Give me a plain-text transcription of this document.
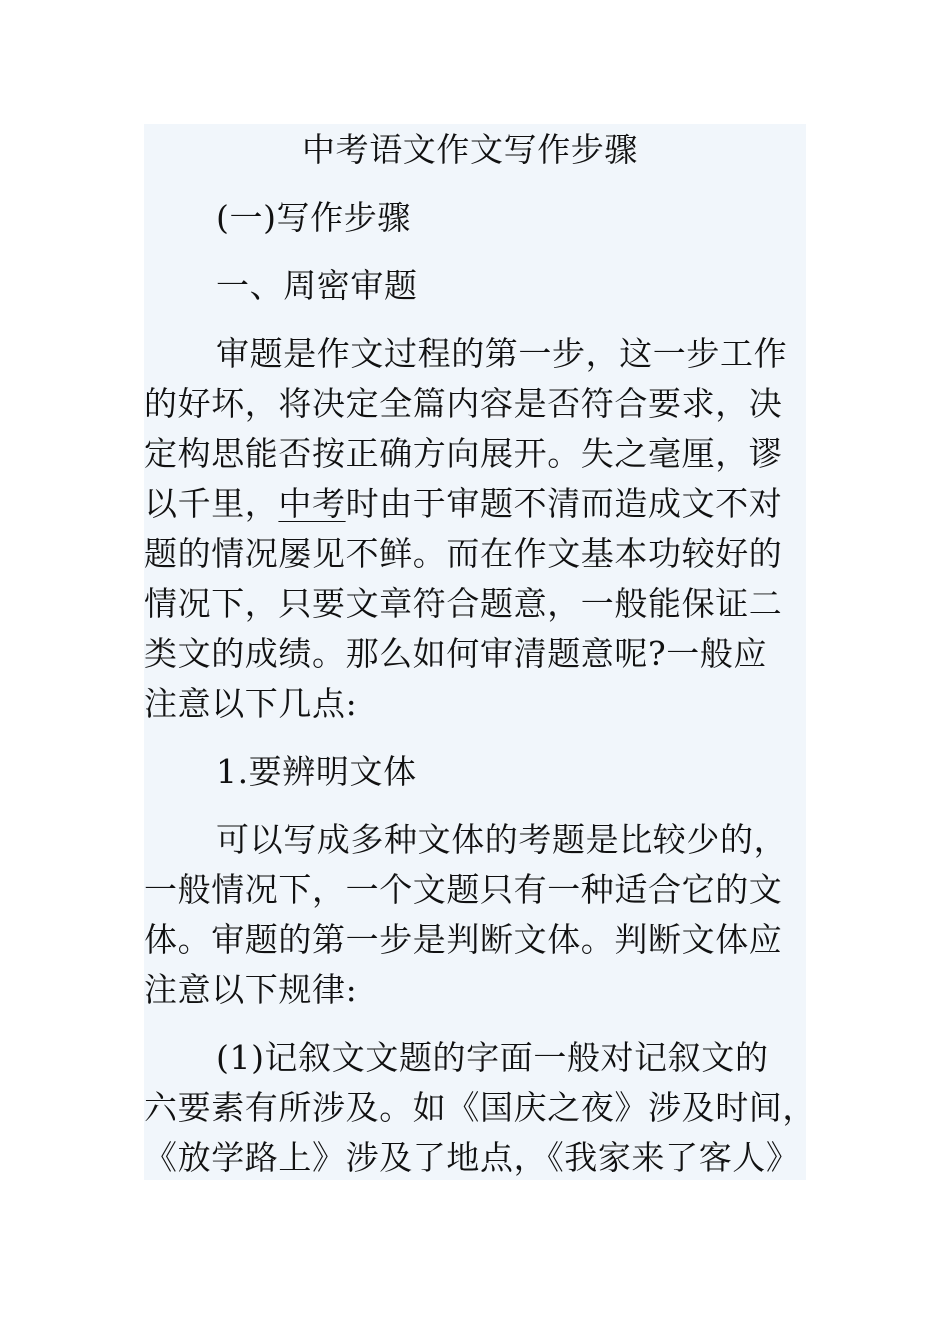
中考语文作文写作步骤
(一)写作步骤
一、周密审题
审题是作文过程的第一步，这一步工作
的好坏，将决定全篇内容是否符合要求，决
定构思能否按正确方向展开。失之毫厘，谬
以千里，中考时由于审题不清而造成文不对
题的情况屡见不鲜。而在作文基本功较好的
情况下，只要文章符合题意，一般能保证二
类文的成绩。那么如何审清题意呢?一般应
注意以下几点:
1.要辨明文体
可以写成多种文体的考题是比较少的，
一般情况下，一个文题只有一种适合它的文
体。审题的第一步是判断文体。判断文体应
注意以下规律:
(1)记叙文文题的字面一般对记叙文的
六要素有所涉及。如《国庆之夜》涉及时间，
《放学路上》涉及了地点，《我家来了客人》
